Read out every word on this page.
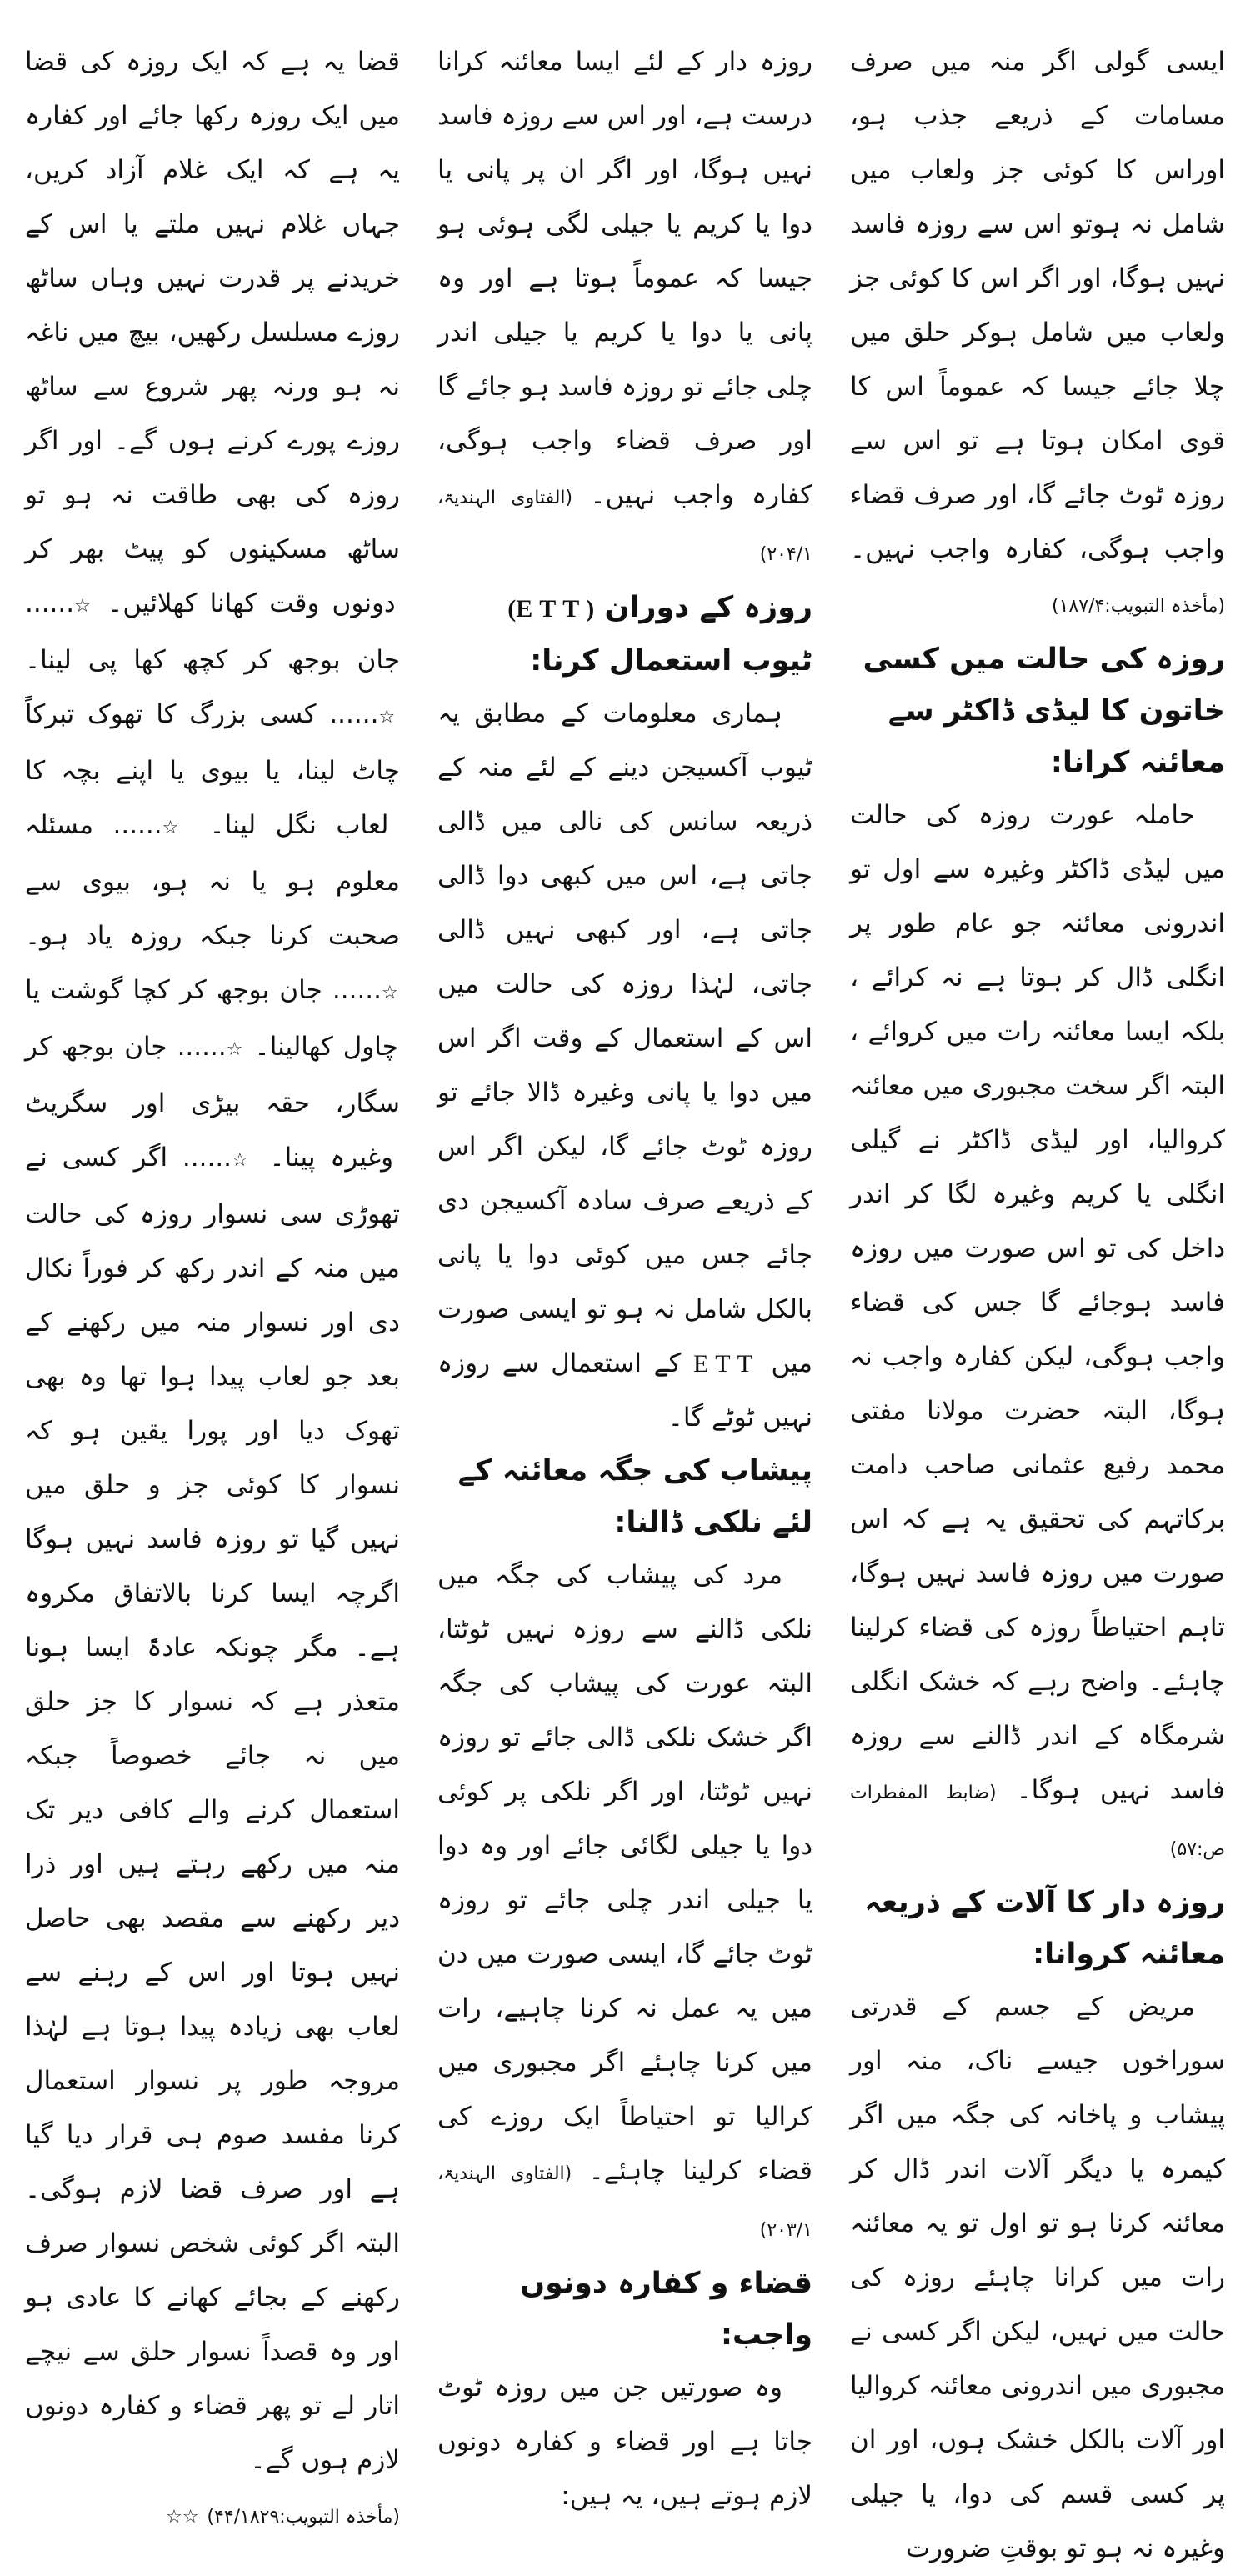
ایسی گولی اگر منہ میں صرف مسامات کے ذریعے جذب ہو، اوراس کا کوئی جز ولعاب میں شامل نہ ہوتو اس سے روزہ فاسد نہیں ہوگا، اور اگر اس کا کوئی جز ولعاب میں شامل ہوکر حلق میں چلا جائے جیسا کہ عموماً اس کا قوی امکان ہوتا ہے تو اس سے روزہ ٹوٹ جائے گا، اور صرف قضاء واجب ہوگی، کفارہ واجب نہیں۔ (مأخذہ التبویب:۱۸۷/۴)

روزہ کی حالت میں کسی خاتون کا لیڈی ڈاکٹر سے معائنہ کرانا:

حاملہ عورت روزہ کی حالت میں لیڈی ڈاکٹر وغیرہ سے اول تو اندرونی معائنہ جو عام طور پر انگلی ڈال کر ہوتا ہے نہ کرائے ، بلکہ ایسا معائنہ رات میں کروائے ، البتہ اگر سخت مجبوری میں معائنہ کروالیا، اور لیڈی ڈاکٹر نے گیلی انگلی یا کریم وغیرہ لگا کر اندر داخل کی تو اس صورت میں روزہ فاسد ہوجائے گا جس کی قضاء واجب ہوگی، لیکن کفارہ واجب نہ ہوگا، البتہ حضرت مولانا مفتی محمد رفیع عثمانی صاحب دامت برکاتہم کی تحقیق یہ ہے کہ اس صورت میں روزہ فاسد نہیں ہوگا، تاہم احتیاطاً روزہ کی قضاء کرلینا چاہئے۔ واضح رہے کہ خشک انگلی شرمگاہ کے اندر ڈالنے سے روزہ فاسد نہیں ہوگا۔ (ضابط المفطرات ص:۵۷)

روزہ دار کا آلات کے ذریعہ معائنہ کروانا:

مریض کے جسم کے قدرتی سوراخوں جیسے ناک، منہ اور پیشاب و پاخانہ کی جگہ میں اگر کیمرہ یا دیگر آلات اندر ڈال کر معائنہ کرنا ہو تو اول تو یہ معائنہ رات میں کرانا چاہئے روزہ کی حالت میں نہیں، لیکن اگر کسی نے مجبوری میں اندرونی معائنہ کروالیا اور آلات بالکل خشک ہوں، اور ان پر کسی قسم کی دوا، یا جیلی وغیرہ نہ ہو تو بوقتِ ضرورت

روزہ دار کے لئے ایسا معائنہ کرانا درست ہے، اور اس سے روزہ فاسد نہیں ہوگا، اور اگر ان پر پانی یا دوا یا کریم یا جیلی لگی ہوئی ہو جیسا کہ عموماً ہوتا ہے اور وہ پانی یا دوا یا کریم یا جیلی اندر چلی جائے تو روزہ فاسد ہو جائے گا اور صرف قضاء واجب ہوگی، کفارہ واجب نہیں۔ (الفتاوی الہندیۃ، ۲۰۴/۱)

روزہ کے دوران (ETT) ٹیوب استعمال کرنا:

ہماری معلومات کے مطابق یہ ٹیوب آکسیجن دینے کے لئے منہ کے ذریعہ سانس کی نالی میں ڈالی جاتی ہے، اس میں کبھی دوا ڈالی جاتی ہے، اور کبھی نہیں ڈالی جاتی، لہٰذا روزہ کی حالت میں اس کے استعمال کے وقت اگر اس میں دوا یا پانی وغیرہ ڈالا جائے تو روزہ ٹوٹ جائے گا، لیکن اگر اس کے ذریعے صرف سادہ آکسیجن دی جائے جس میں کوئی دوا یا پانی بالکل شامل نہ ہو تو ایسی صورت میں ETT کے استعمال سے روزہ نہیں ٹوٹے گا۔

پیشاب کی جگہ معائنہ کے لئے نلکی ڈالنا:

مرد کی پیشاب کی جگہ میں نلکی ڈالنے سے روزہ نہیں ٹوٹتا، البتہ عورت کی پیشاب کی جگہ اگر خشک نلکی ڈالی جائے تو روزہ نہیں ٹوٹتا، اور اگر نلکی پر کوئی دوا یا جیلی لگائی جائے اور وہ دوا یا جیلی اندر چلی جائے تو روزہ ٹوٹ جائے گا، ایسی صورت میں دن میں یہ عمل نہ کرنا چاہیے، رات میں کرنا چاہئے اگر مجبوری میں کرالیا تو احتیاطاً ایک روزے کی قضاء کرلینا چاہئے۔ (الفتاوی الہندیۃ، ۲۰۳/۱)

قضاء و کفارہ دونوں واجب:

وہ صورتیں جن میں روزہ ٹوٹ جاتا ہے اور قضاء و کفارہ دونوں لازم ہوتے ہیں، یہ ہیں:

قضا یہ ہے کہ ایک روزہ کی قضا میں ایک روزہ رکھا جائے اور کفارہ یہ ہے کہ ایک غلام آزاد کریں، جہاں غلام نہیں ملتے یا اس کے خریدنے پر قدرت نہیں وہاں ساٹھ روزے مسلسل رکھیں، بیچ میں ناغہ نہ ہو ورنہ پھر شروع سے ساٹھ روزے پورے کرنے ہوں گے۔ اور اگر روزہ کی بھی طاقت نہ ہو تو ساٹھ مسکینوں کو پیٹ بھر کر دونوں وقت کھانا کھلائیں۔ ☆...... جان بوجھ کر کچھ کھا پی لینا۔ ☆...... کسی بزرگ کا تھوک تبرکاً چاٹ لینا، یا بیوی یا اپنے بچہ کا لعاب نگل لینا۔ ☆...... مسئلہ معلوم ہو یا نہ ہو، بیوی سے صحبت کرنا جبکہ روزہ یاد ہو۔ ☆...... جان بوجھ کر کچا گوشت یا چاول کھالینا۔ ☆...... جان بوجھ کر سگار، حقہ بیڑی اور سگریٹ وغیرہ پینا۔ ☆...... اگر کسی نے تھوڑی سی نسوار روزہ کی حالت میں منہ کے اندر رکھ کر فوراً نکال دی اور نسوار منہ میں رکھنے کے بعد جو لعاب پیدا ہوا تھا وہ بھی تھوک دیا اور پورا یقین ہو کہ نسوار کا کوئی جز و حلق میں نہیں گیا تو روزہ فاسد نہیں ہوگا اگرچہ ایسا کرنا بالاتفاق مکروہ ہے۔ مگر چونکہ عادۃً ایسا ہونا متعذر ہے کہ نسوار کا جز حلق میں نہ جائے خصوصاً جبکہ استعمال کرنے والے کافی دیر تک منہ میں رکھے رہتے ہیں اور ذرا دیر رکھنے سے مقصد بھی حاصل نہیں ہوتا اور اس کے رہنے سے لعاب بھی زیادہ پیدا ہوتا ہے لہٰذا مروجہ طور پر نسوار استعمال کرنا مفسد صوم ہی قرار دیا گیا ہے اور صرف قضا لازم ہوگی۔ البتہ اگر کوئی شخص نسوار صرف رکھنے کے بجائے کھانے کا عادی ہو اور وہ قصداً نسوار حلق سے نیچے اتار لے تو پھر قضاء و کفارہ دونوں لازم ہوں گے۔

(مأخذہ التبویب:۴۴/۱۸۲۹) ☆☆
